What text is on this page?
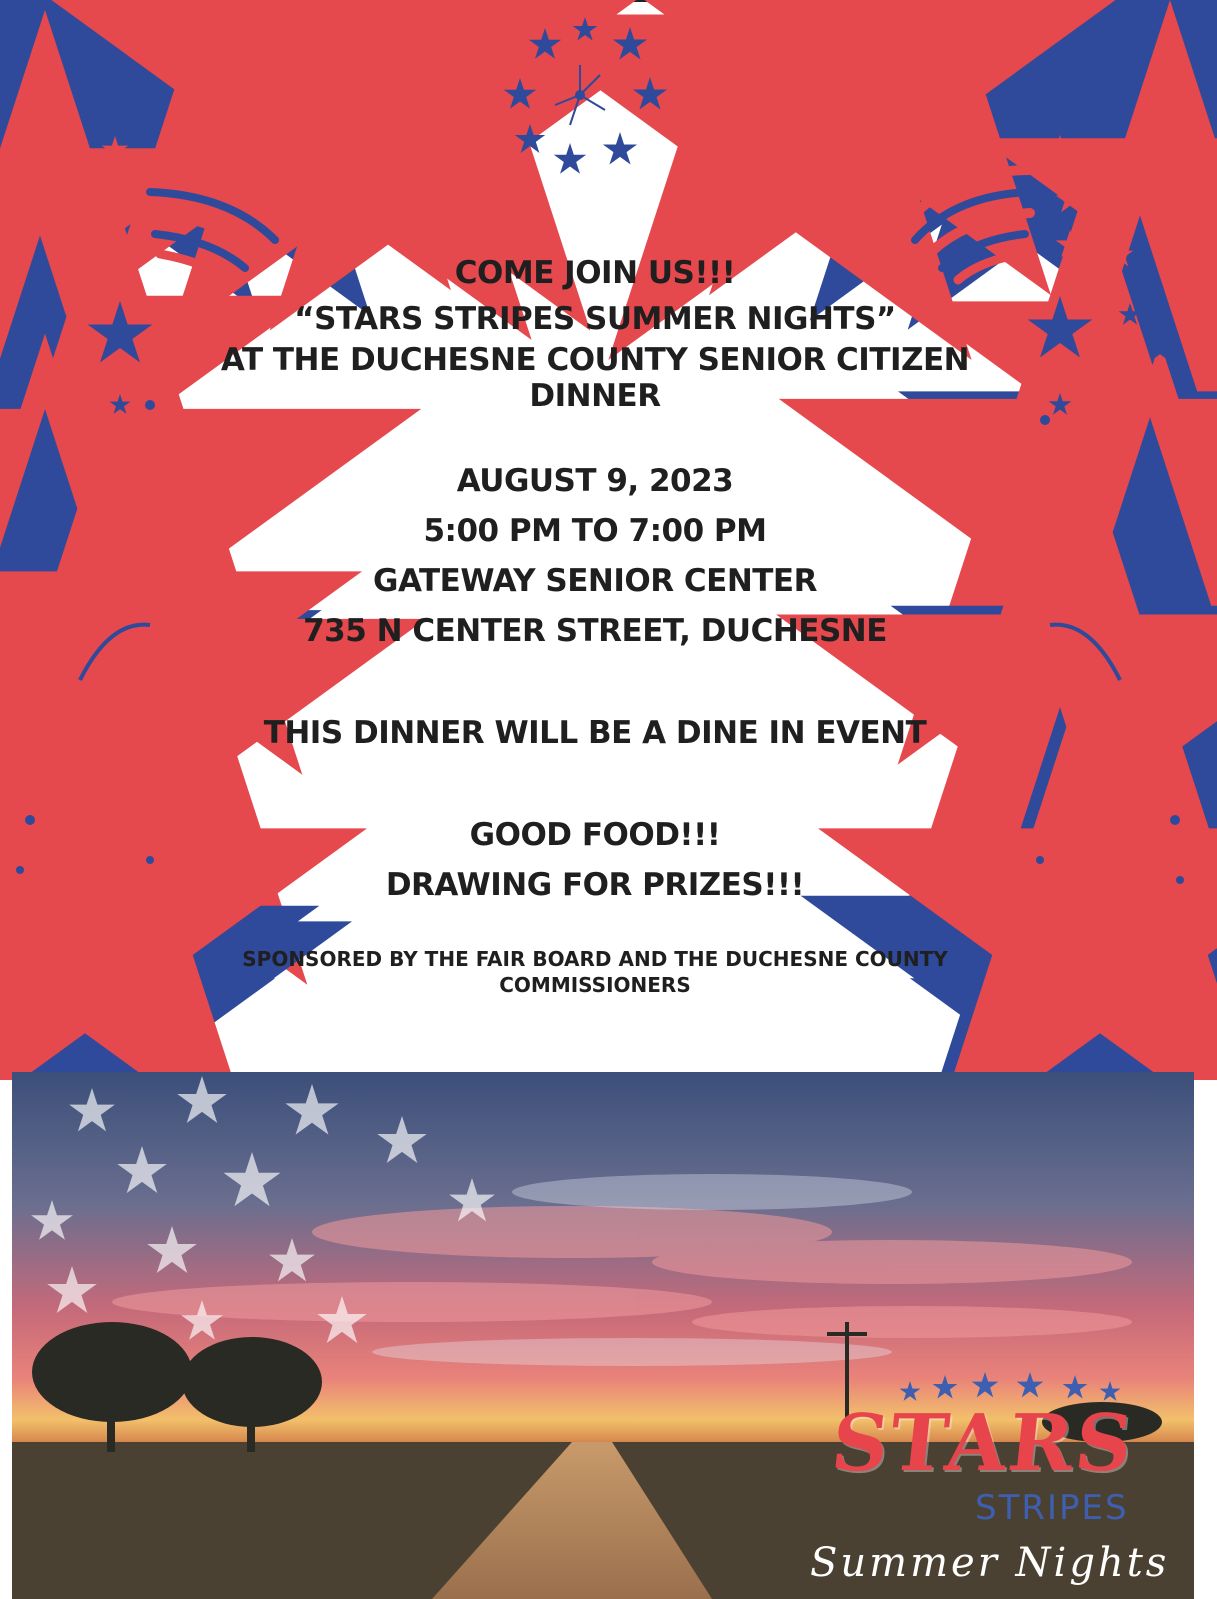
COME JOIN US!!!
“STARS STRIPES SUMMER NIGHTS”
AT THE DUCHESNE COUNTY SENIOR CITIZEN
DINNER
AUGUST 9, 2023
5:00 PM TO 7:00 PM
GATEWAY SENIOR CENTER
735 N CENTER STREET, DUCHESNE
THIS DINNER WILL BE A DINE IN EVENT
GOOD FOOD!!!
DRAWING FOR PRIZES!!!
SPONSORED BY THE FAIR BOARD AND THE DUCHESNE COUNTY COMMISSIONERS
STARS
STRIPES
Summer Nights
